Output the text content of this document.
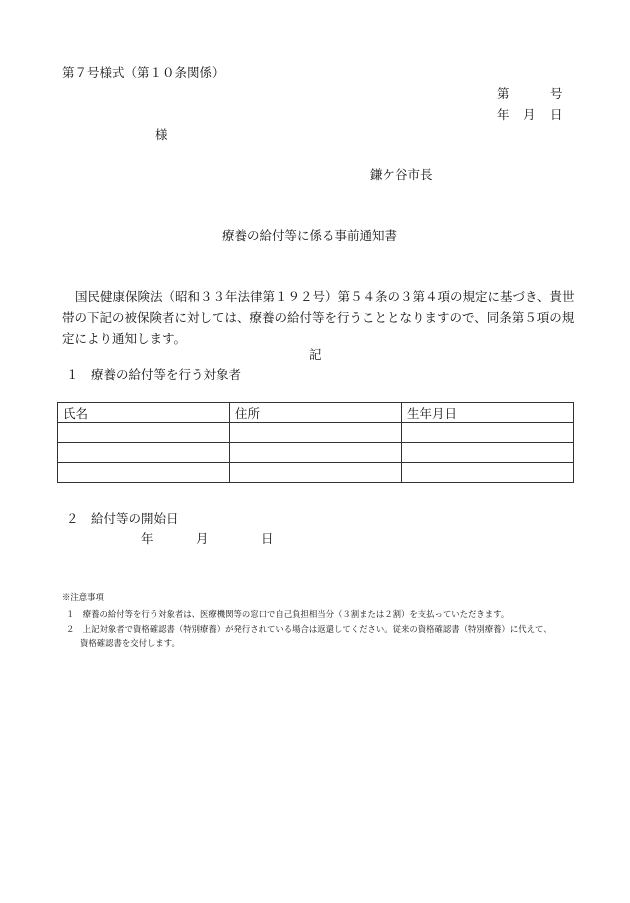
第７号様式（第１０条関係）
第	号
年 月 日
様
鎌ケ谷市長
療養の給付等に係る事前通知書
国民健康保険法（昭和３３年法律第１９２号）第５４条の３第４項の規定に基づき、貴世帯の下記の被保険者に対しては、療養の給付等を行うこととなりますので、同条第５項の規定により通知します。
記
１　療養の給付等を行う対象者
氏名	住所	生年月日

２　給付等の開始日
年	月	日
※注意事項
１　療養の給付等を行う対象者は、医療機関等の窓口で自己負担相当分（３割または２割）を支払っていただきます。
２　上記対象者で資格確認書（特別療養）が発行されている場合は返還してください。従来の資格確認書（特別療養）に代えて、
資格確認書を交付します。
